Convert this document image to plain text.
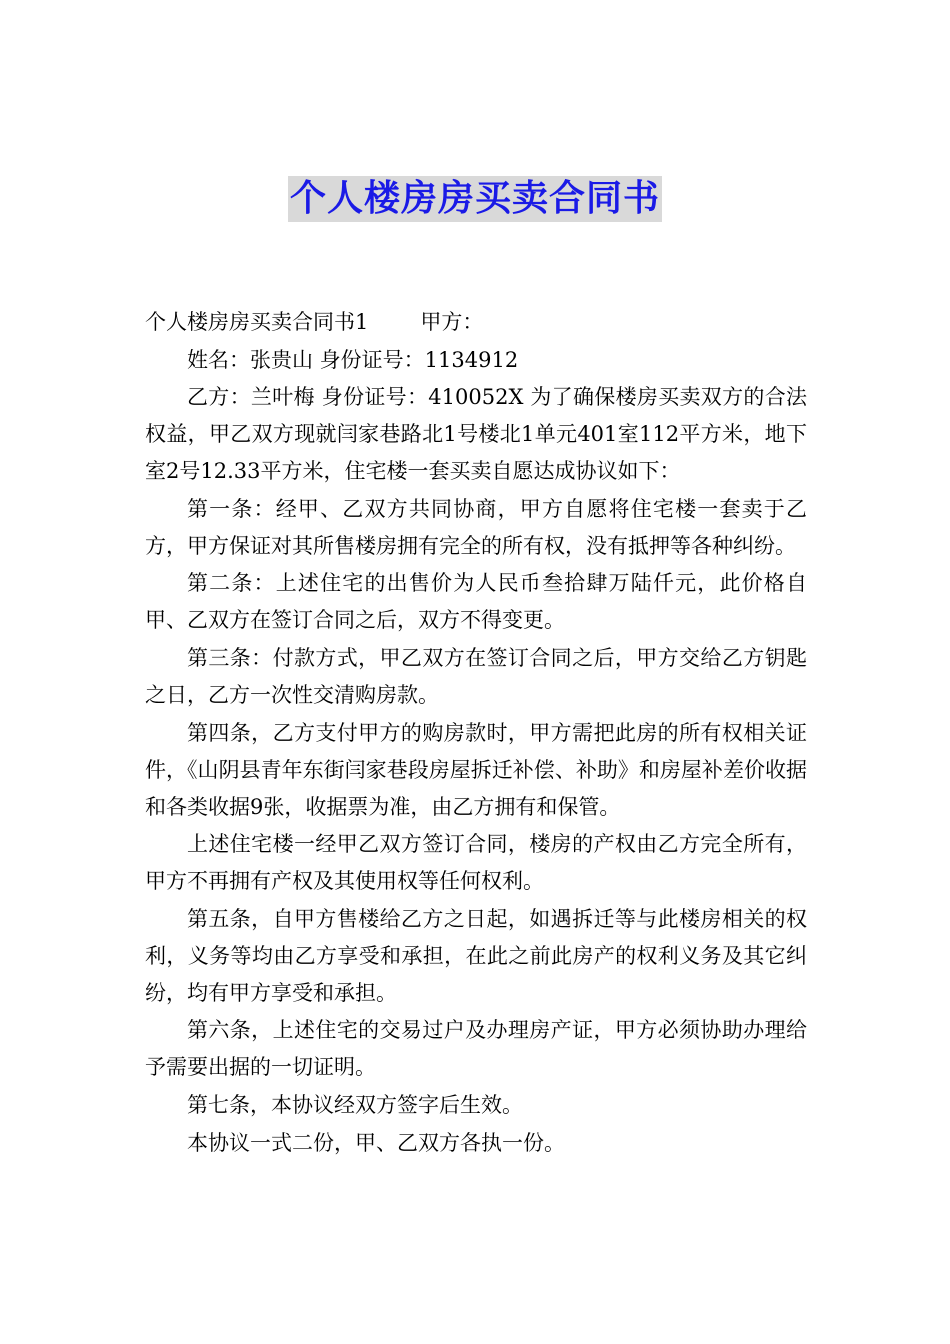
个人楼房房买卖合同书

个人楼房房买卖合同书1 甲方：

姓名：张贵山 身份证号：1134912

乙方：兰叶梅 身份证号：410052X 为了确保楼房买卖双方的合法权益，甲乙双方现就闫家巷路北1号楼北1单元401室112平方米，地下室2号12.33平方米，住宅楼一套买卖自愿达成协议如下：

第一条：经甲、乙双方共同协商，甲方自愿将住宅楼一套卖于乙方，甲方保证对其所售楼房拥有完全的所有权，没有抵押等各种纠纷。

第二条：上述住宅的出售价为人民币叁拾肆万陆仟元，此价格自甲、乙双方在签订合同之后，双方不得变更。

第三条：付款方式，甲乙双方在签订合同之后，甲方交给乙方钥匙之日，乙方一次性交清购房款。

第四条，乙方支付甲方的购房款时，甲方需把此房的所有权相关证件，《山阴县青年东街闫家巷段房屋拆迁补偿、补助》和房屋补差价收据和各类收据9张，收据票为准，由乙方拥有和保管。

上述住宅楼一经甲乙双方签订合同，楼房的产权由乙方完全所有，甲方不再拥有产权及其使用权等任何权利。

第五条，自甲方售楼给乙方之日起，如遇拆迁等与此楼房相关的权利，义务等均由乙方享受和承担，在此之前此房产的权利义务及其它纠纷，均有甲方享受和承担。

第六条，上述住宅的交易过户及办理房产证，甲方必须协助办理给予需要出据的一切证明。

第七条，本协议经双方签字后生效。

本协议一式二份，甲、乙双方各执一份。
